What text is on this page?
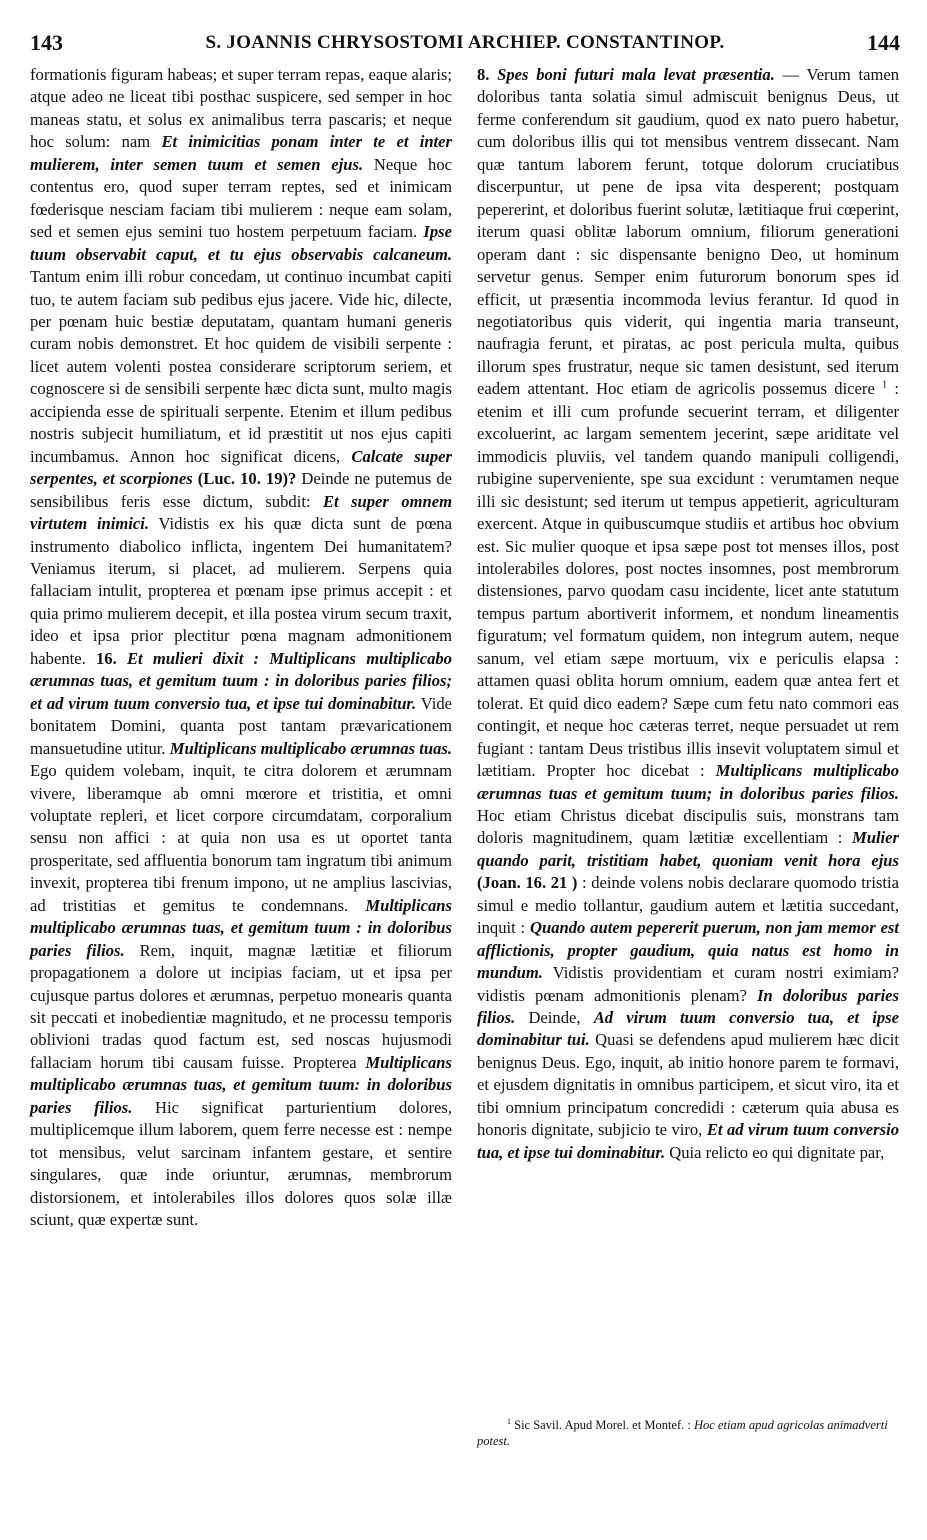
143	S. JOANNIS CHRYSOSTOMI ARCHIEP. CONSTANTINOP.	144

formationis figuram habeas; et super terram repas, eaque alaris; atque adeo ne liceat tibi posthac suspicere, sed semper in hoc maneas statu, et solus ex animalibus terra pascaris; et neque hoc solum: nam Et inimicitias ponam inter te et inter mulierem, inter semen tuum et semen ejus. Neque hoc contentus ero, quod super terram reptes, sed et inimicam fœderisque nesciam faciam tibi mulierem : neque eam solam, sed et semen ejus semini tuo hostem perpetuum faciam. Ipse tuum observabit caput, et tu ejus observabis calcaneum. Tantum enim illi robur concedam, ut continuo incumbat capiti tuo, te autem faciam sub pedibus ejus jacere. Vide hic, dilecte, per pœnam huic bestiæ deputatam, quantam humani generis curam nobis demonstret. Et hoc quidem de visibili serpente : licet autem volenti postea considerare scriptorum seriem, et cognoscere si de sensibili serpente hæc dicta sunt, multo magis accipienda esse de spirituali serpente. Etenim et illum pedibus nostris subjecit humiliatum, et id præstitit ut nos ejus capiti incumbamus. Annon hoc significat dicens, Calcate super serpentes, et scorpiones (Luc. 10. 19)? Deinde ne putemus de sensibilibus feris esse dictum, subdit: Et super omnem virtutem inimici. Vidistis ex his quæ dicta sunt de pœna instrumento diabolico inflicta, ingentem Dei humanitatem? Veniamus iterum, si placet, ad mulierem. Serpens quia fallaciam intulit, propterea et pœnam ipse primus accepit : et quia primo mulierem decepit, et illa postea virum secum traxit, ideo et ipsa prior plectitur pœna magnam admonitionem habente. 16. Et mulieri dixit : Multiplicans multiplicabo ærumnas tuas, et gemitum tuum : in doloribus paries filios; et ad virum tuum conversio tua, et ipse tui dominabitur. Vide bonitatem Domini, quanta post tantam prævaricationem mansuetudine utitur. Multiplicans multiplicabo ærumnas tuas. Ego quidem volebam, inquit, te citra dolorem et ærumnam vivere, liberamque ab omni mœrore et tristitia, et omni voluptate repleri, et licet corpore circumdatam, corporalium sensu non affici : at quia non usa es ut oportet tanta prosperitate, sed affluentia bonorum tam ingratum tibi animum invexit, propterea tibi frenum impono, ut ne amplius lascivias, ad tristitias et gemitus te condemnans. Multiplicans multiplicabo ærumnas tuas, et gemitum tuum : in doloribus paries filios. Rem, inquit, magnæ lætitiæ et filiorum propagationem a dolore ut incipias faciam, ut et ipsa per cujusque partus dolores et ærumnas, perpetuo monearis quanta sit peccati et inobedientiæ magnitudo, et ne processu temporis oblivioni tradas quod factum est, sed noscas hujusmodi fallaciam horum tibi causam fuisse. Propterea Multiplicans multiplicabo ærumnas tuas, et gemitum tuum: in doloribus paries filios. Hic significat parturientium dolores, multiplicemque illum laborem, quem ferre necesse est : nempe tot mensibus, velut sarcinam infantem gestare, et sentire singulares, quæ inde oriuntur, ærumnas, membrorum distorsionem, et intolerabiles illos dolores quos solæ illæ sciunt, quæ expertæ sunt.

8. Spes boni futuri mala levat præsentia. — Verum tamen doloribus tanta solatia simul admiscuit benignus Deus, ut ferme conferendum sit gaudium, quod ex nato puero habetur, cum doloribus illis qui tot mensibus ventrem dissecant. Nam quæ tantum laborem ferunt, totque dolorum cruciatibus discerpuntur, ut pene de ipsa vita desperent; postquam pepererint, et doloribus fuerint solutæ, lætitiaque frui cœperint, iterum quasi oblitæ laborum omnium, filiorum generationi operam dant : sic dispensante benigno Deo, ut hominum servetur genus. Semper enim futurorum bonorum spes id efficit, ut præsentia incommoda levius ferantur. Id quod in negotiatoribus quis viderit, qui ingentia maria transeunt, naufragia ferunt, et piratas, ac post pericula multa, quibus illorum spes frustratur, neque sic tamen desistunt, sed iterum eadem attentant. Hoc etiam de agricolis possemus dicere $^1$ : etenim et illi cum profunde secuerint terram, et diligenter excoluerint, ac largam sementem jecerint, sæpe ariditate vel immodicis pluviis, vel tandem quando manipuli colligendi, rubigine superveniente, spe sua excidunt : verumtamen neque illi sic desistunt; sed iterum ut tempus appetierit, agriculturam exercent. Atque in quibuscumque studiis et artibus hoc obvium est. Sic mulier quoque et ipsa sæpe post tot menses illos, post intolerabiles dolores, post noctes insomnes, post membrorum distensiones, parvo quodam casu incidente, licet ante statutum tempus partum abortiverit informem, et nondum lineamentis figuratum; vel formatum quidem, non integrum autem, neque sanum, vel etiam sæpe mortuum, vix e periculis elapsa : attamen quasi oblita horum omnium, eadem quæ antea fert et tolerat. Et quid dico eadem? Sæpe cum fetu nato commori eas contingit, et neque hoc cæteras terret, neque persuadet ut rem fugiant : tantam Deus tristibus illis insevit voluptatem simul et lætitiam. Propter hoc dicebat : Multiplicans multiplicabo ærumnas tuas et gemitum tuum; in doloribus paries filios. Hoc etiam Christus dicebat discipulis suis, monstrans tam doloris magnitudinem, quam lætitiæ excellentiam : Mulier quando parit, tristitiam habet, quoniam venit hora ejus (Joan. 16. 21 ) : deinde volens nobis declarare quomodo tristia simul e medio tollantur, gaudium autem et lætitia succedant, inquit : Quando autem pepererit puerum, non jam memor est afflictionis, propter gaudium, quia natus est homo in mundum. Vidistis providentiam et curam nostri eximiam? vidistis pœnam admonitionis plenam? In doloribus paries filios. Deinde, Ad virum tuum conversio tua, et ipse dominabitur tui. Quasi se defendens apud mulierem hæc dicit benignus Deus. Ego, inquit, ab initio honore parem te formavi, et ejusdem dignitatis in omnibus participem, et sicut viro, ita et tibi omnium principatum concredidi : cæterum quia abusa es honoris dignitate, subjicio te viro, Et ad virum tuum conversio tua, et ipse tui dominabitur. Quia relicto eo qui dignitate par,

$^1$ Sic Savil. Apud Morel. et Montef. : Hoc etiam apud agricolas animadverti potest.
